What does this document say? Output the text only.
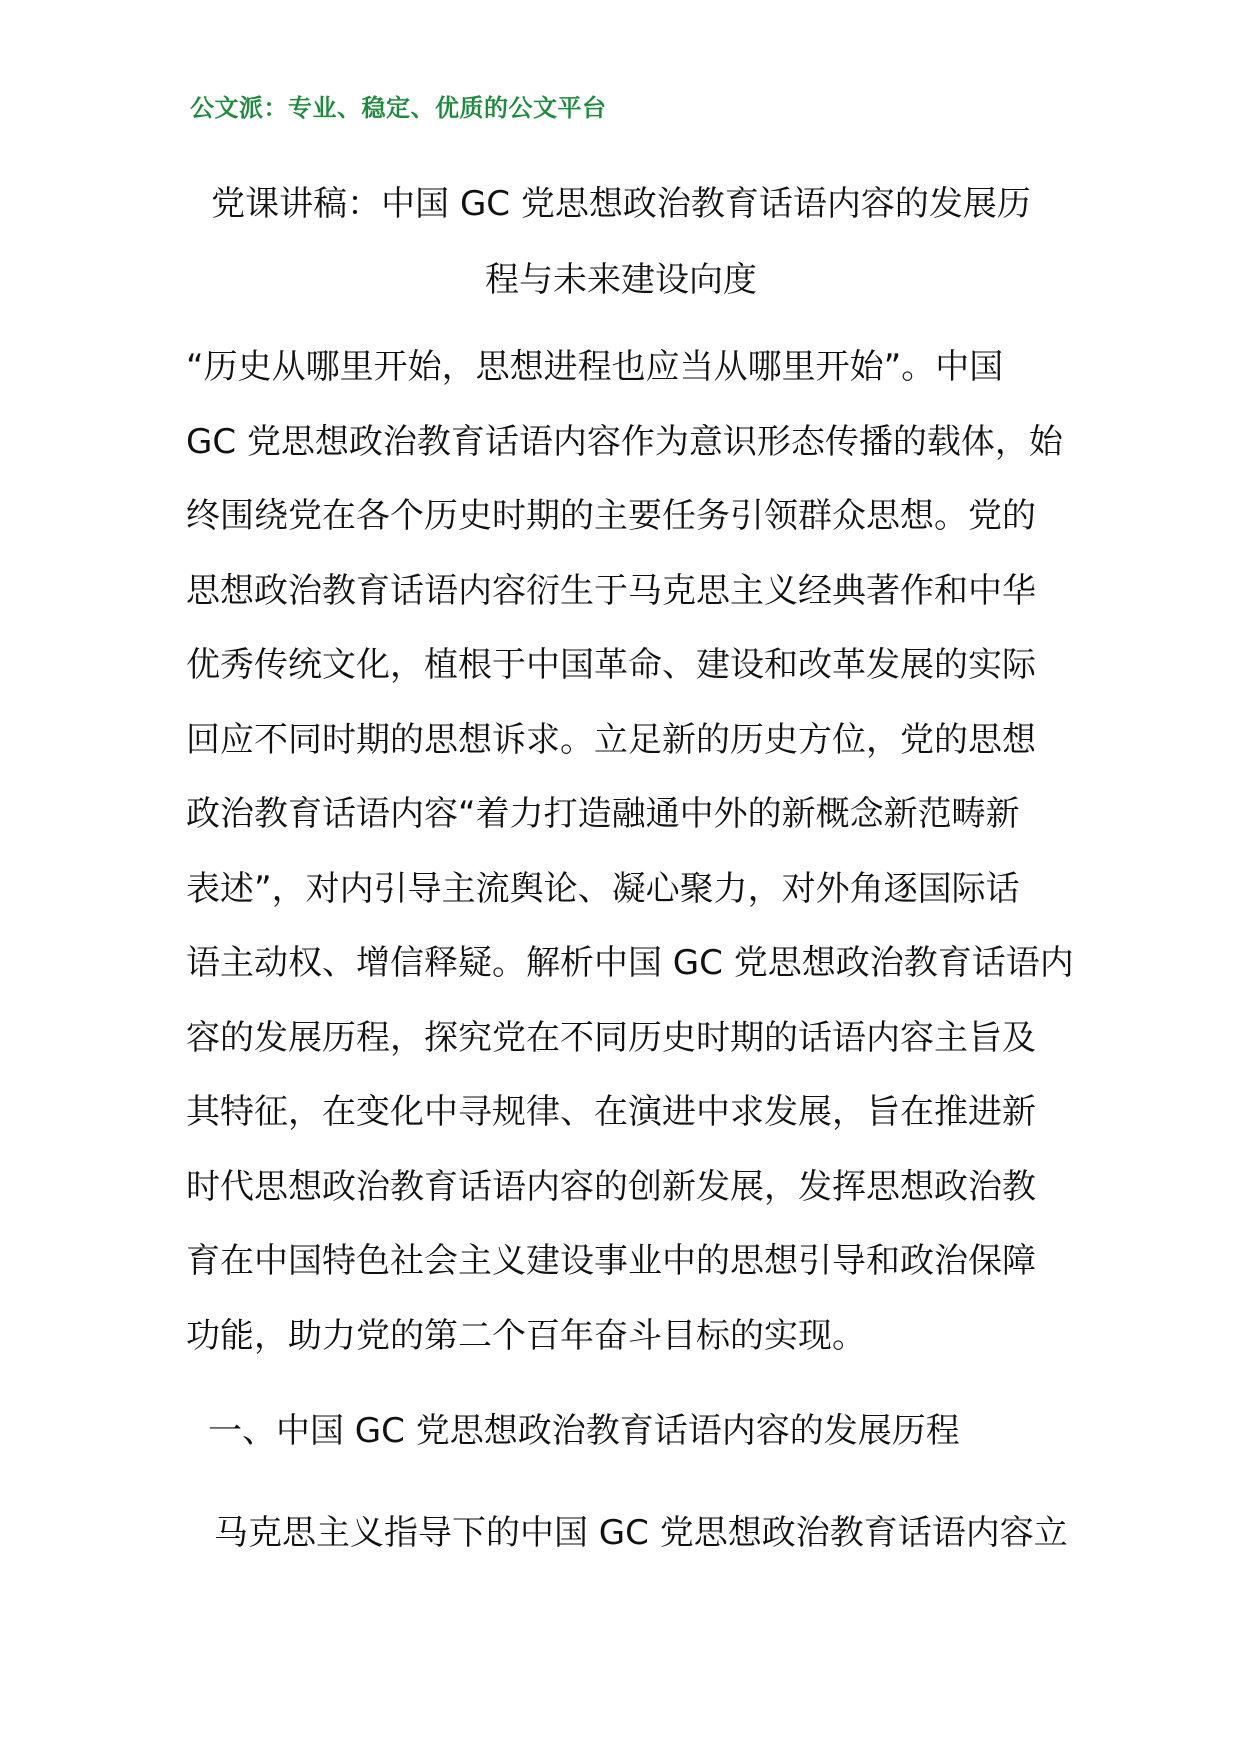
公文派：专业、稳定、优质的公文平台
党课讲稿：中国 GC 党思想政治教育话语内容的发展历
程与未来建设向度
“历史从哪里开始，思想进程也应当从哪里开始”。中国
GC 党思想政治教育话语内容作为意识形态传播的载体，始
终围绕党在各个历史时期的主要任务引领群众思想。党的
思想政治教育话语内容衍生于马克思主义经典著作和中华
优秀传统文化，植根于中国革命、建设和改革发展的实际
回应不同时期的思想诉求。立足新的历史方位，党的思想
政治教育话语内容“着力打造融通中外的新概念新范畴新
表述”，对内引导主流舆论、凝心聚力，对外角逐国际话
语主动权、增信释疑。解析中国 GC 党思想政治教育话语内
容的发展历程，探究党在不同历史时期的话语内容主旨及
其特征，在变化中寻规律、在演进中求发展，旨在推进新
时代思想政治教育话语内容的创新发展，发挥思想政治教
育在中国特色社会主义建设事业中的思想引导和政治保障
功能，助力党的第二个百年奋斗目标的实现。
一、中国 GC 党思想政治教育话语内容的发展历程
马克思主义指导下的中国 GC 党思想政治教育话语内容立
